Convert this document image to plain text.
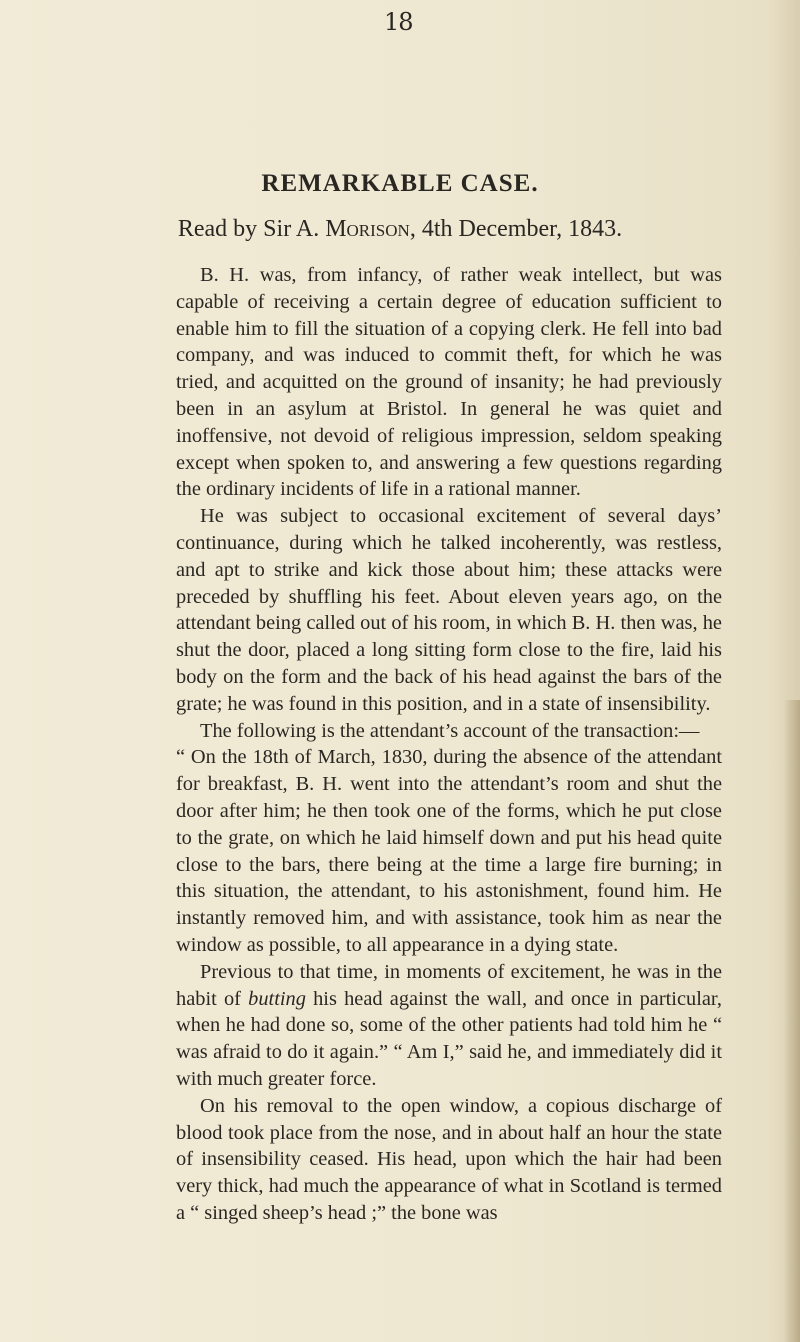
18
REMARKABLE CASE.
Read by Sir A. Morison, 4th December, 1843.

B. H. was, from infancy, of rather weak intellect, but was capable of receiving a certain degree of education sufficient to enable him to fill the situation of a copying clerk. He fell into bad company, and was induced to commit theft, for which he was tried, and acquitted on the ground of insanity; he had previously been in an asylum at Bristol. In general he was quiet and inoffensive, not devoid of religious impression, seldom speaking except when spoken to, and answering a few questions regarding the ordinary incidents of life in a rational manner.

He was subject to occasional excitement of several days’ continuance, during which he talked incoherently, was restless, and apt to strike and kick those about him; these attacks were preceded by shuffling his feet. About eleven years ago, on the attendant being called out of his room, in which B. H. then was, he shut the door, placed a long sitting form close to the fire, laid his body on the form and the back of his head against the bars of the grate; he was found in this position, and in a state of insensibility.

The following is the attendant’s account of the transaction:—

“ On the 18th of March, 1830, during the absence of the attendant for breakfast, B. H. went into the attendant’s room and shut the door after him; he then took one of the forms, which he put close to the grate, on which he laid himself down and put his head quite close to the bars, there being at the time a large fire burning; in this situation, the attendant, to his astonishment, found him. He instantly removed him, and with assistance, took him as near the window as possible, to all appearance in a dying state.

Previous to that time, in moments of excitement, he was in the habit of butting his head against the wall, and once in particular, when he had done so, some of the other patients had told him he “ was afraid to do it again.” “ Am I,” said he, and immediately did it with much greater force.

On his removal to the open window, a copious discharge of blood took place from the nose, and in about half an hour the state of insensibility ceased. His head, upon which the hair had been very thick, had much the appearance of what in Scotland is termed a “ singed sheep’s head ;” the bone was
